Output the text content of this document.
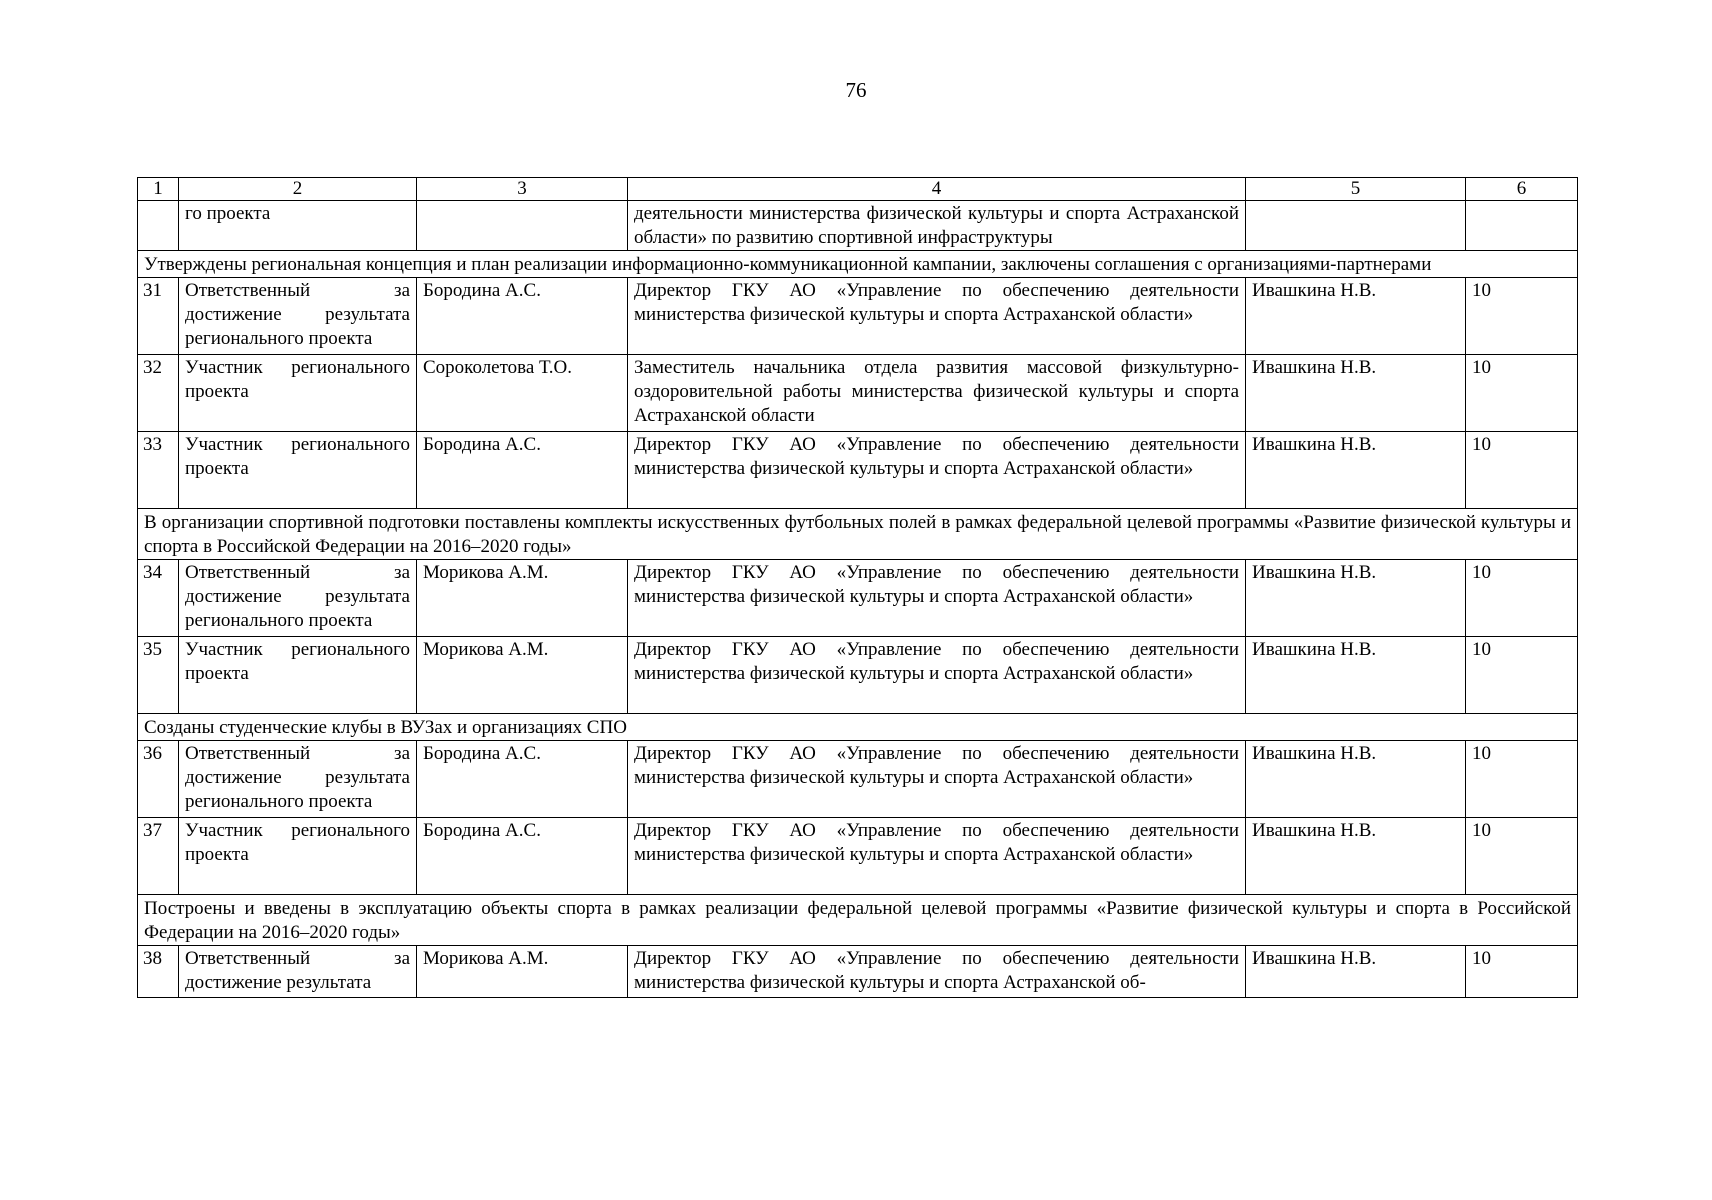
76
1	2	3	4	5	6
	го проекта		деятельности министерства физической культуры и спорта Астраханской области» по развитию спортивной инфраструктуры		
Утверждены региональная концепция и план реализации информационно-коммуникационной кампании, заключены соглашения с организациями-партнерами					
31	Ответственный за достижение результата регионального проекта	Бородина А.С.	Директор ГКУ АО «Управление по обеспечению деятельности министерства физической культуры и спорта Астраханской области»	Ивашкина Н.В.	10
32	Участник регионального проекта	Сороколетова Т.О.	Заместитель начальника отдела развития массовой физкультурно-оздоровительной работы министерства физической культуры и спорта Астраханской области	Ивашкина Н.В.	10
33	Участник регионального проекта	Бородина А.С.	Директор ГКУ АО «Управление по обеспечению деятельности министерства физической культуры и спорта Астраханской области»	Ивашкина Н.В.	10
В организации спортивной подготовки поставлены комплекты искусственных футбольных полей в рамках федеральной целевой программы «Развитие физической культуры и спорта в Российской Федерации на 2016–2020 годы»					
34	Ответственный за достижение результата регионального проекта	Морикова А.М.	Директор ГКУ АО «Управление по обеспечению деятельности министерства физической культуры и спорта Астраханской области»	Ивашкина Н.В.	10
35	Участник регионального проекта	Морикова А.М.	Директор ГКУ АО «Управление по обеспечению деятельности министерства физической культуры и спорта Астраханской области»	Ивашкина Н.В.	10
Созданы студенческие клубы в ВУЗах и организациях СПО					
36	Ответственный за достижение результата регионального проекта	Бородина А.С.	Директор ГКУ АО «Управление по обеспечению деятельности министерства физической культуры и спорта Астраханской области»	Ивашкина Н.В.	10
37	Участник регионального проекта	Бородина А.С.	Директор ГКУ АО «Управление по обеспечению деятельности министерства физической культуры и спорта Астраханской области»	Ивашкина Н.В.	10
Построены и введены в эксплуатацию объекты спорта в рамках реализации федеральной целевой программы «Развитие физической культуры и спорта в Российской Федерации на 2016–2020 годы»					
38	Ответственный за достижение результата	Морикова А.М.	Директор ГКУ АО «Управление по обеспечению деятельности министерства физической культуры и спорта Астраханской об-	Ивашкина Н.В.	10
